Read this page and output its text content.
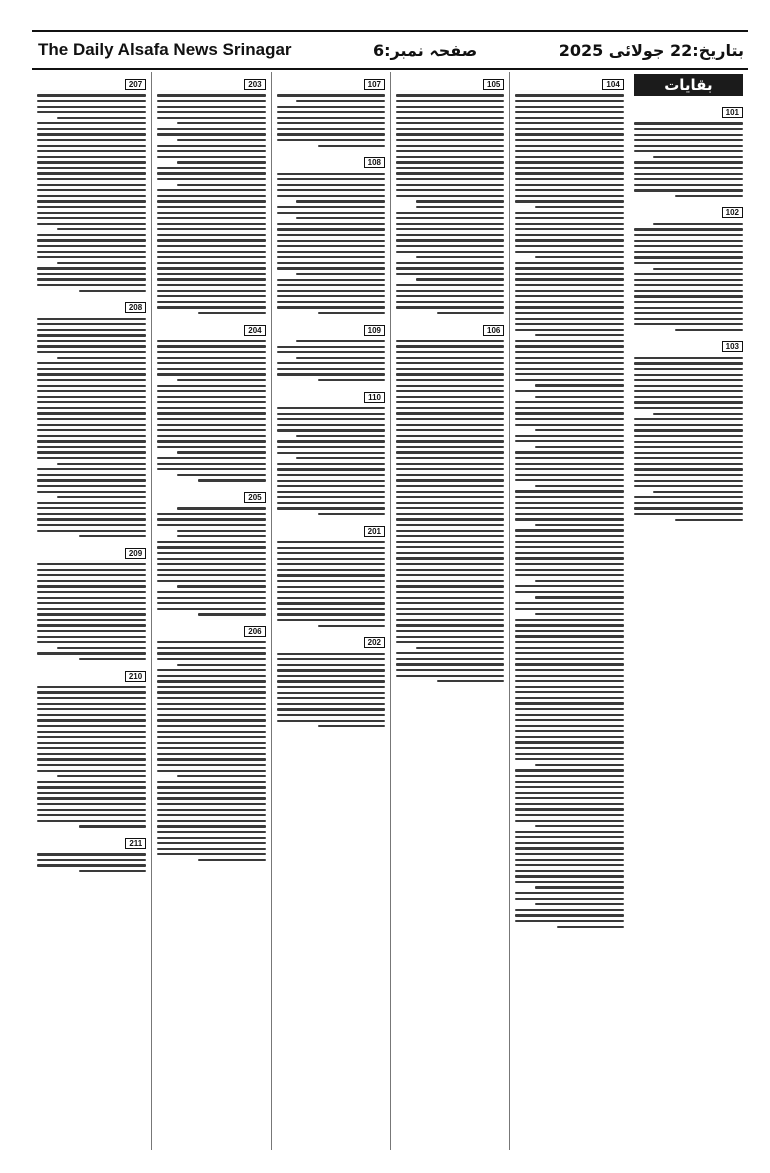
The Daily Alsafa News Srinagar	صفحہ نمبر:6	بتاریخ:22 جولائی 2025
بقایات
101
102
103
104
105
106
107
108
109
110
201
202
203
204
205
206
207
208
209
210
211
